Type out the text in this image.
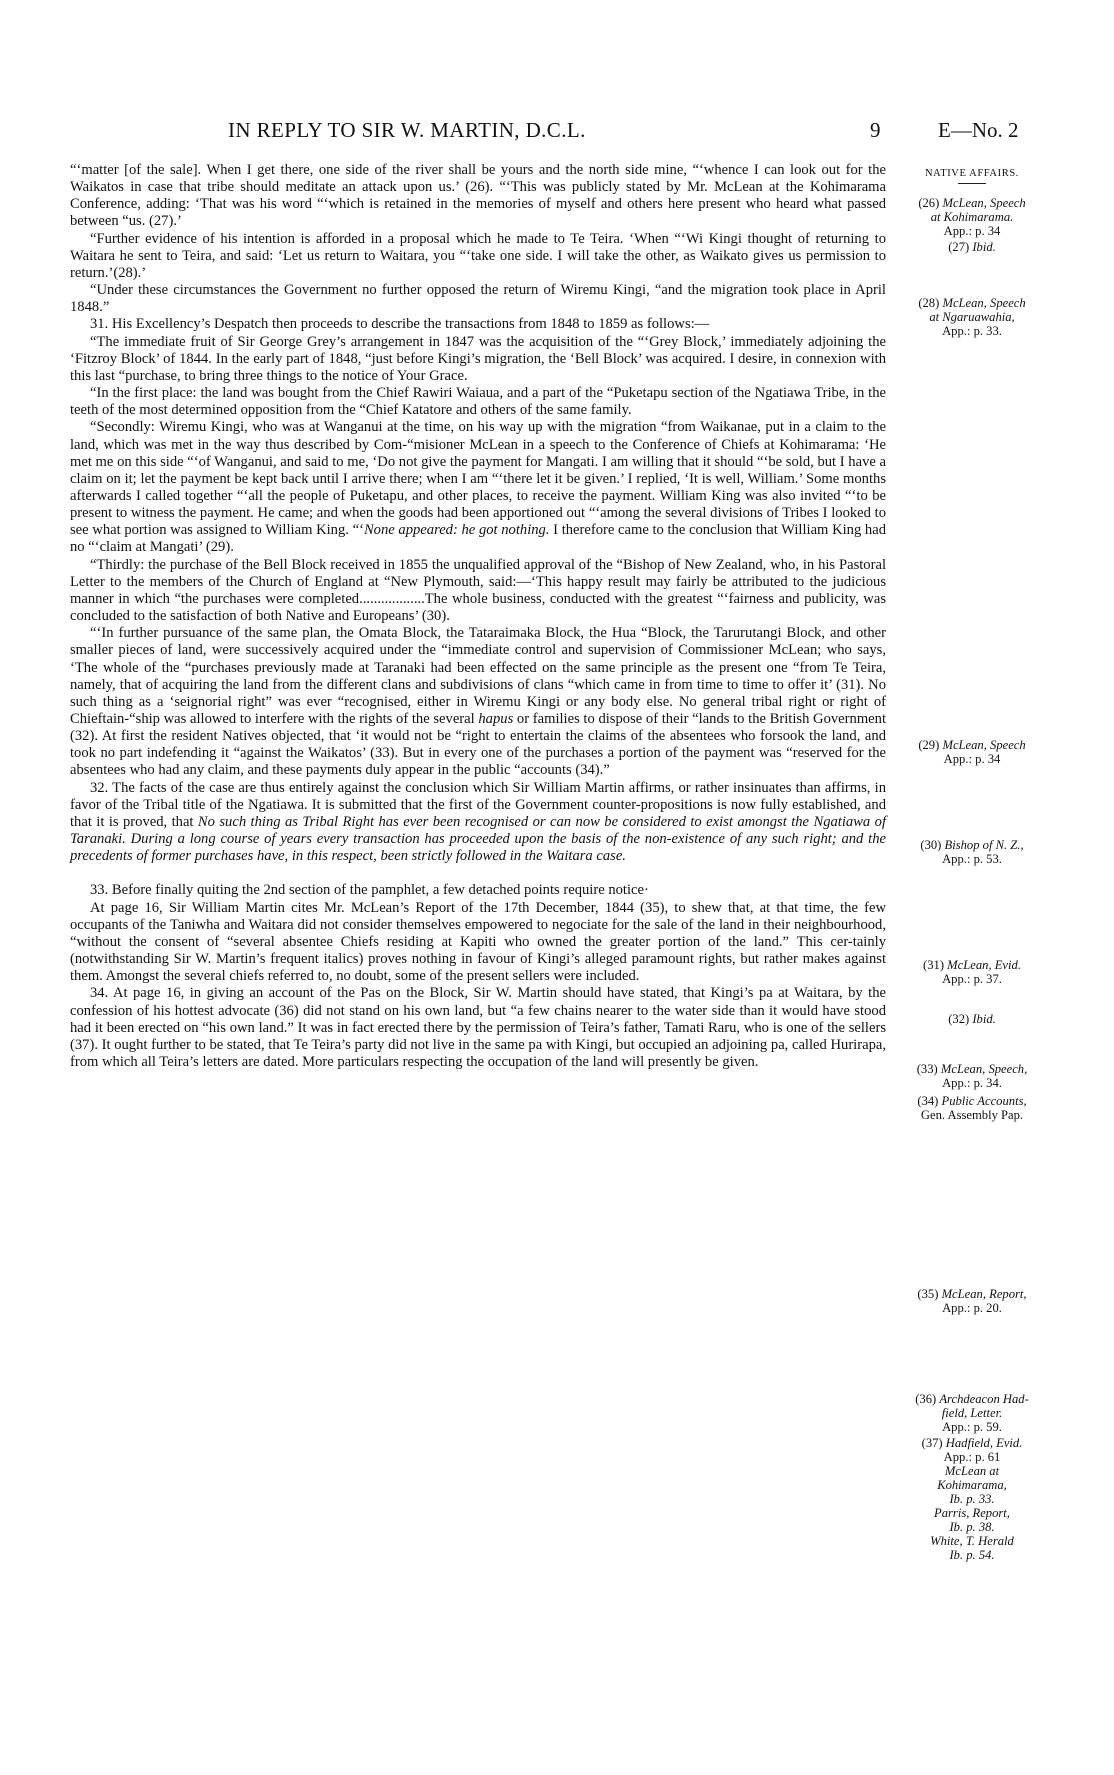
IN REPLY TO SIR W. MARTIN, D.C.L.	9	E—No. 2

“‘matter [of the sale]. When I get there, one side of the river shall be yours and the north side mine, “‘whence I can look out for the Waikatos in case that tribe should meditate an attack upon us.’ (26). “‘This was publicly stated by Mr. McLean at the Kohimarama Conference, adding: ‘That was his word “‘which is retained in the memories of myself and others here present who heard what passed between “us. (27).’

“Further evidence of his intention is afforded in a proposal which he made to Te Teira. ‘When “‘Wi Kingi thought of returning to Waitara he sent to Teira, and said: ‘Let us return to Waitara, you “‘take one side. I will take the other, as Waikato gives us permission to return.’(28).’

“Under these circumstances the Government no further opposed the return of Wiremu Kingi, “and the migration took place in April 1848.”

31. His Excellency’s Despatch then proceeds to describe the transactions from 1848 to 1859 as follows:—

“The immediate fruit of Sir George Grey’s arrangement in 1847 was the acquisition of the “‘Grey Block,’ immediately adjoining the ‘Fitzroy Block’ of 1844. In the early part of 1848, “just before Kingi’s migration, the ‘Bell Block’ was acquired. I desire, in connexion with this last “purchase, to bring three things to the notice of Your Grace.

“In the first place: the land was bought from the Chief Rawiri Waiaua, and a part of the “Puketapu section of the Ngatiawa Tribe, in the teeth of the most determined opposition from the “Chief Katatore and others of the same family.

“Secondly: Wiremu Kingi, who was at Wanganui at the time, on his way up with the migration “from Waikanae, put in a claim to the land, which was met in the way thus described by Com-“misioner McLean in a speech to the Conference of Chiefs at Kohimarama: ‘He met me on this side “‘of Wanganui, and said to me, ‘Do not give the payment for Mangati. I am willing that it should “‘be sold, but I have a claim on it; let the payment be kept back until I arrive there; when I am “‘there let it be given.’ I replied, ‘It is well, William.’ Some months afterwards I called together “‘all the people of Puketapu, and other places, to receive the payment. William King was also invited “‘to be present to witness the payment. He came; and when the goods had been apportioned out “‘among the several divisions of Tribes I looked to see what portion was assigned to William King. “‘None appeared: he got nothing. I therefore came to the conclusion that William King had no “‘claim at Mangati’ (29).

“Thirdly: the purchase of the Bell Block received in 1855 the unqualified approval of the “Bishop of New Zealand, who, in his Pastoral Letter to the members of the Church of England at “New Plymouth, said:—‘This happy result may fairly be attributed to the judicious manner in which “the purchases were completed..................The whole business, conducted with the greatest “‘fairness and publicity, was concluded to the satisfaction of both Native and Europeans’ (30).

“‘In further pursuance of the same plan, the Omata Block, the Tataraimaka Block, the Hua “Block, the Tarurutangi Block, and other smaller pieces of land, were successively acquired under the “immediate control and supervision of Commissioner McLean; who says, ‘The whole of the “purchases previously made at Taranaki had been effected on the same principle as the present one “from Te Teira, namely, that of acquiring the land from the different clans and subdivisions of clans “which came in from time to time to offer it’ (31). No such thing as a ‘seignorial right” was ever “recognised, either in Wiremu Kingi or any body else. No general tribal right or right of Chieftain-“ship was allowed to interfere with the rights of the several hapus or families to dispose of their “lands to the British Government (32). At first the resident Natives objected, that ‘it would not be “right to entertain the claims of the absentees who forsook the land, and took no part indefending it “against the Waikatos’ (33). But in every one of the purchases a portion of the payment was “reserved for the absentees who had any claim, and these payments duly appear in the public “accounts (34).”

32. The facts of the case are thus entirely against the conclusion which Sir William Martin affirms, or rather insinuates than affirms, in favor of the Tribal title of the Ngatiawa. It is submitted that the first of the Government counter-propositions is now fully established, and that it is proved, that No such thing as Tribal Right has ever been recognised or can now be considered to exist amongst the Ngatiawa of Taranaki. During a long course of years every transaction has proceeded upon the basis of the non-existence of any such right; and the precedents of former purchases have, in this respect, been strictly followed in the Waitara case.

33. Before finally quiting the 2nd section of the pamphlet, a few detached points require notice·

At page 16, Sir William Martin cites Mr. McLean’s Report of the 17th December, 1844 (35), to shew that, at that time, the few occupants of the Taniwha and Waitara did not consider themselves empowered to negociate for the sale of the land in their neighbourhood, “without the consent of “several absentee Chiefs residing at Kapiti who owned the greater portion of the land.” This cer-tainly (notwithstanding Sir W. Martin’s frequent italics) proves nothing in favour of Kingi’s alleged paramount rights, but rather makes against them. Amongst the several chiefs referred to, no doubt, some of the present sellers were included.

34. At page 16, in giving an account of the Pas on the Block, Sir W. Martin should have stated, that Kingi’s pa at Waitara, by the confession of his hottest advocate (36) did not stand on his own land, but “a few chains nearer to the water side than it would have stood had it been erected on “his own land.” It was in fact erected there by the permission of Teira’s father, Tamati Raru, who is one of the sellers (37). It ought further to be stated, that Te Teira’s party did not live in the same pa with Kingi, but occupied an adjoining pa, called Hurirapa, from which all Teira’s letters are dated. More particulars respecting the occupation of the land will presently be given.

NATIVE AFFAIRS.
(26) McLean, Speech
at Kohimarama.
App.: p. 34
(27) Ibid.
(28) McLean, Speech
at Ngaruawahia,
App.: p. 33.
(29) McLean, Speech
App.: p. 34
(30) Bishop of N. Z.,
App.: p. 53.
(31) McLean, Evid.
App.: p. 37.
(32) Ibid.
(33) McLean, Speech,
App.: p. 34.
(34) Public Accounts,
Gen. Assembly Pap.
(35) McLean, Report,
App.: p. 20.
(36) Archdeacon Had-
field, Letter.
App.: p. 59.
(37) Hadfield, Evid.
App.: p. 61
McLean at
Kohimarama,
Ib. p. 33.
Parris, Report,
Ib. p. 38.
White, T. Herald
Ib. p. 54.
